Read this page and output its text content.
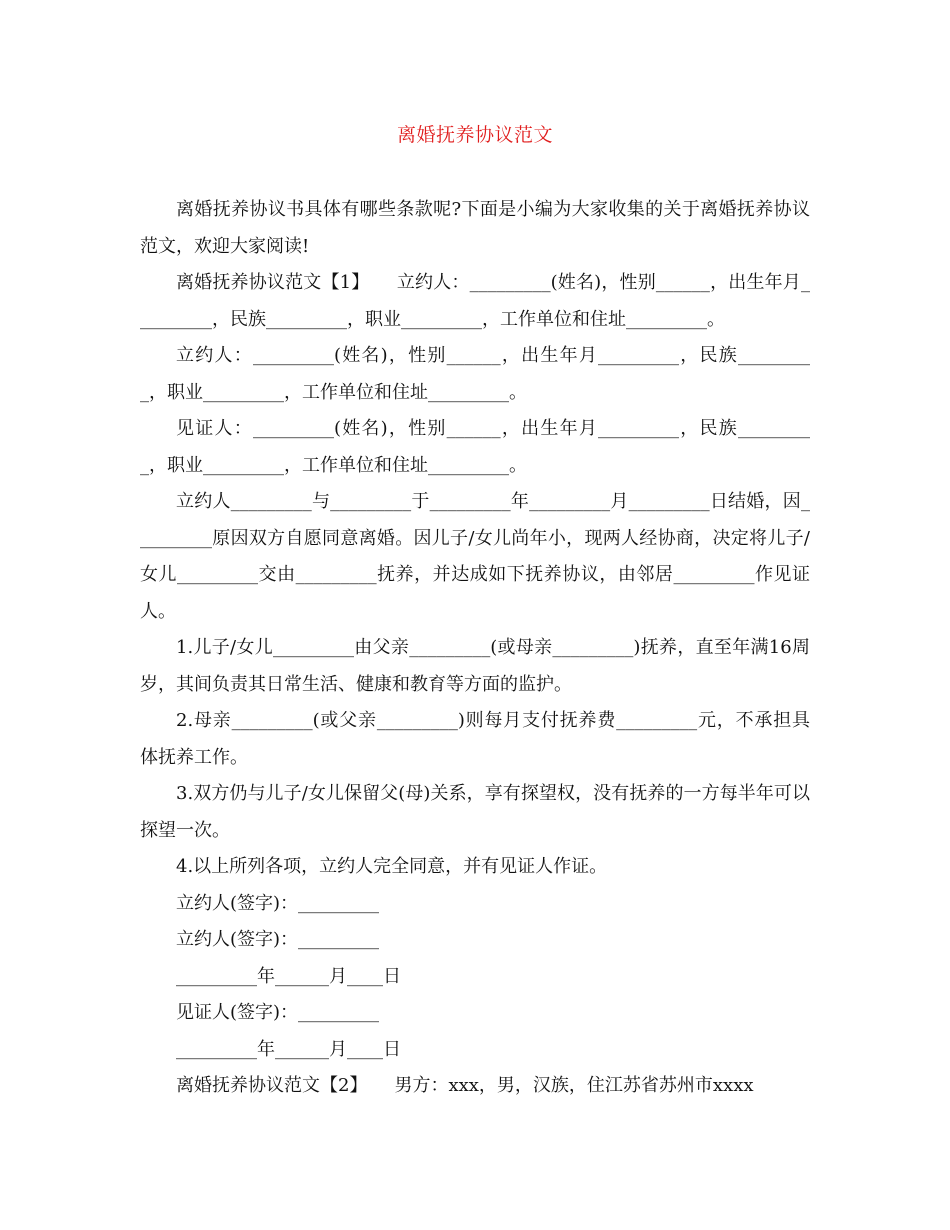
离婚抚养协议范文

离婚抚养协议书具体有哪些条款呢?下面是小编为大家收集的关于离婚抚养协议范文，欢迎大家阅读!

离婚抚养协议范文【1】　　立约人：_________(姓名)，性别______，出生年月_________，民族_________，职业_________，工作单位和住址_________。

立约人：_________(姓名)，性别______，出生年月_________，民族_________，职业_________，工作单位和住址_________。

见证人：_________(姓名)，性别______，出生年月_________，民族_________，职业_________，工作单位和住址_________。

立约人_________与_________于_________年_________月_________日结婚，因_________原因双方自愿同意离婚。因儿子/女儿尚年小，现两人经协商，决定将儿子/女儿_________交由_________抚养，并达成如下抚养协议，由邻居_________作见证人。

1.儿子/女儿_________由父亲_________(或母亲_________)抚养，直至年满16周岁，其间负责其日常生活、健康和教育等方面的监护。

2.母亲_________(或父亲_________)则每月支付抚养费_________元，不承担具体抚养工作。

3.双方仍与儿子/女儿保留父(母)关系，享有探望权，没有抚养的一方每半年可以探望一次。

4.以上所列各项，立约人完全同意，并有见证人作证。

立约人(签字)：_________

立约人(签字)：_________

_________年______月____日

见证人(签字)：_________

_________年______月____日

离婚抚养协议范文【2】　　男方：xxx，男，汉族，住江苏省苏州市xxxx
